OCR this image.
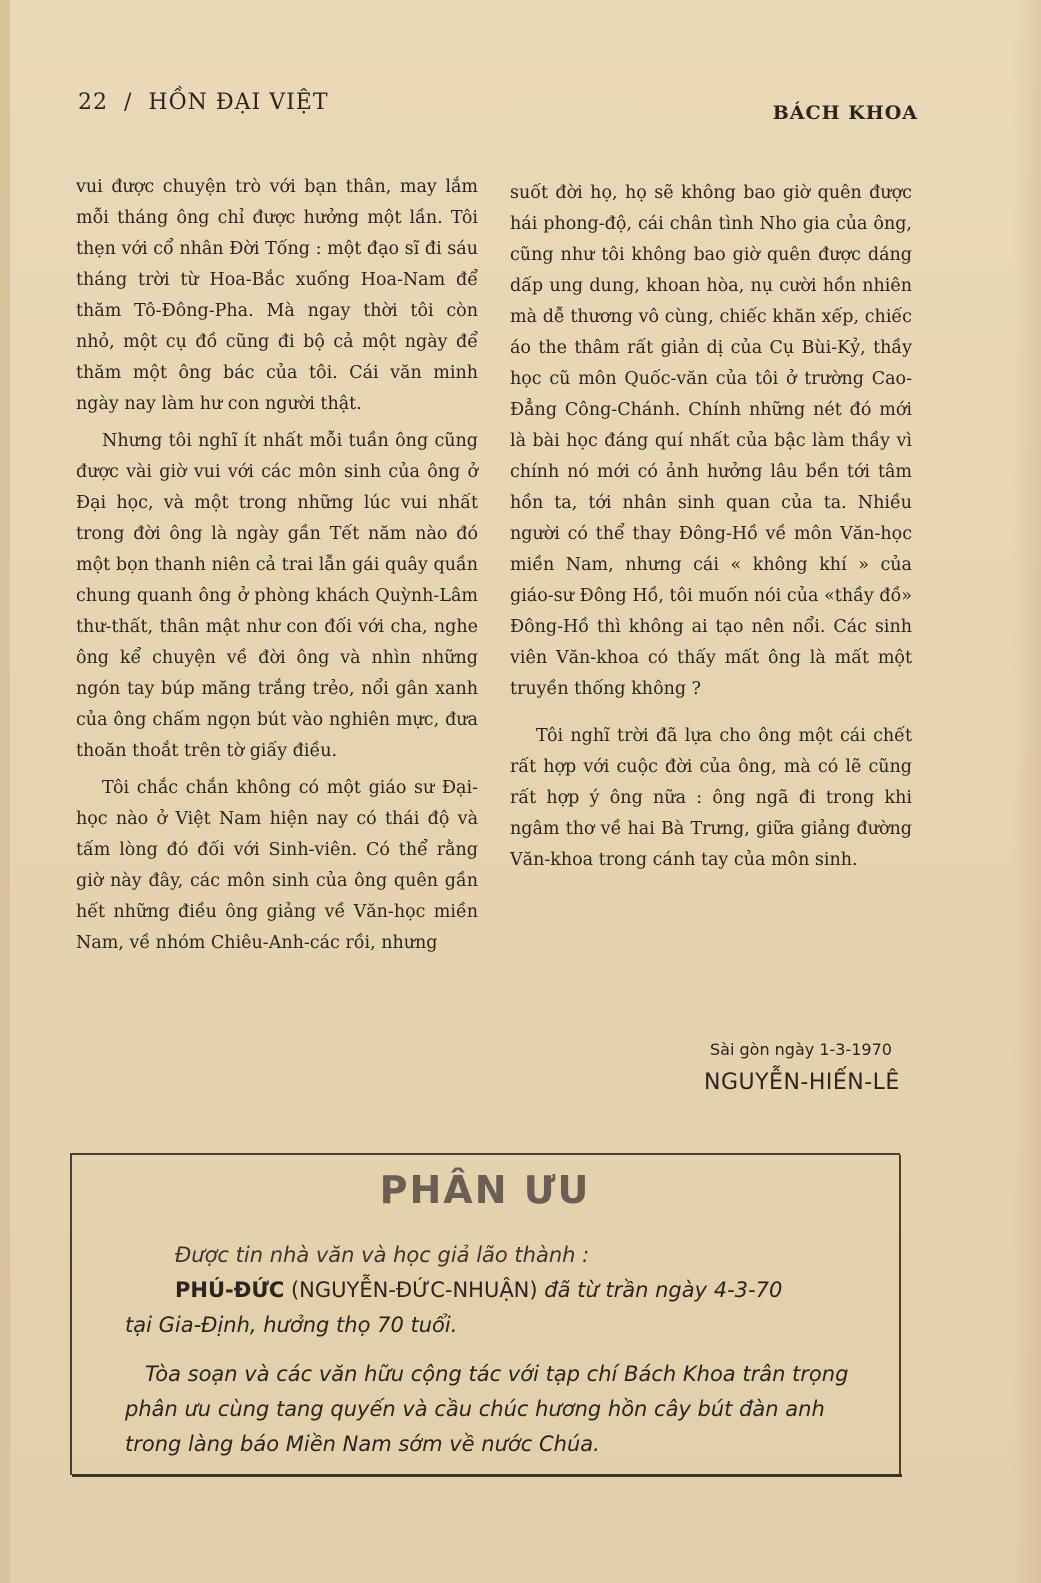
22 / HỒN ĐẠI VIỆT	BÁCH KHOA

vui được chuyện trò với bạn thân, may lắm mỗi tháng ông chỉ được hưởng một lần. Tôi thẹn với cổ nhân Đời Tống : một đạo sĩ đi sáu tháng trời từ Hoa-Bắc xuống Hoa-Nam để thăm Tô-Đông-Pha. Mà ngay thời tôi còn nhỏ, một cụ đồ cũng đi bộ cả một ngày để thăm một ông bác của tôi. Cái văn minh ngày nay làm hư con người thật.

Nhưng tôi nghĩ ít nhất mỗi tuần ông cũng được vài giờ vui với các môn sinh của ông ở Đại học, và một trong những lúc vui nhất trong đời ông là ngày gần Tết năm nào đó một bọn thanh niên cả trai lẫn gái quây quần chung quanh ông ở phòng khách Quỳnh-Lâm thư-thất, thân mật như con đối với cha, nghe ông kể chuyện về đời ông và nhìn những ngón tay búp măng trắng trẻo, nổi gân xanh của ông chấm ngọn bút vào nghiên mực, đưa thoăn thoắt trên tờ giấy điều.

Tôi chắc chắn không có một giáo sư Đại-học nào ở Việt Nam hiện nay có thái độ và tấm lòng đó đối với Sinh-viên. Có thể rằng giờ này đây, các môn sinh của ông quên gần hết những điều ông giảng về Văn-học miền Nam, về nhóm Chiêu-Anh-các rồi, nhưng

suốt đời họ, họ sẽ không bao giờ quên được hái phong-độ, cái chân tình Nho gia của ông, cũng như tôi không bao giờ quên được dáng dấp ung dung, khoan hòa, nụ cười hồn nhiên mà dễ thương vô cùng, chiếc khăn xếp, chiếc áo the thâm rất giản dị của Cụ Bùi-Kỷ, thầy học cũ môn Quốc-văn của tôi ở trường Cao-Đẳng Công-Chánh. Chính những nét đó mới là bài học đáng quí nhất của bậc làm thầy vì chính nó mới có ảnh hưởng lâu bền tới tâm hồn ta, tới nhân sinh quan của ta. Nhiều người có thể thay Đông-Hồ về môn Văn-học miền Nam, nhưng cái « không khí » của giáo-sư Đông Hồ, tôi muốn nói của «thầy đồ» Đông-Hồ thì không ai tạo nên nổi. Các sinh viên Văn-khoa có thấy mất ông là mất một truyền thống không ?

Tôi nghĩ trời đã lựa cho ông một cái chết rất hợp với cuộc đời của ông, mà có lẽ cũng rất hợp ý ông nữa : ông ngã đi trong khi ngâm thơ về hai Bà Trưng, giữa giảng đường Văn-khoa trong cánh tay của môn sinh.

Sài gòn ngày 1-3-1970
NGUYỄN-HIẾN-LÊ
PHÂN ƯU
Được tin nhà văn và học giả lão thành :
PHÚ-ĐỨC (NGUYỄN-ĐỨC-NHUẬN) đã từ trần ngày 4-3-70
tại Gia-Định, hưởng thọ 70 tuổi.
Tòa soạn và các văn hữu cộng tác với tạp chí Bách Khoa trân trọng phân ưu cùng tang quyến và cầu chúc hương hồn cây bút đàn anh trong làng báo Miền Nam sớm về nước Chúa.
